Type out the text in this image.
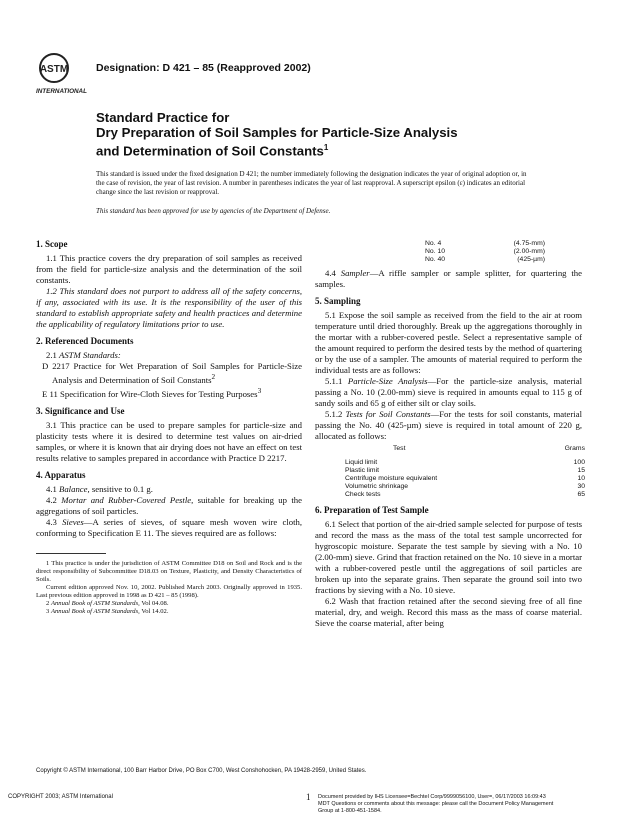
ASTM
INTERNATIONAL
Designation: D 421 – 85 (Reapproved 2002)
Standard Practice for
Dry Preparation of Soil Samples for Particle-Size Analysis
and Determination of Soil Constants$^1$
This standard is issued under the fixed designation D 421; the number immediately following the designation indicates the year of original adoption or, in the case of revision, the year of last revision. A number in parentheses indicates the year of last reapproval. A superscript epsilon (ε) indicates an editorial change since the last revision or reapproval.
This standard has been approved for use by agencies of the Department of Defense.
1. Scope

1.1 This practice covers the dry preparation of soil samples as received from the field for particle-size analysis and the determination of the soil constants.

1.2 This standard does not purport to address all of the safety concerns, if any, associated with its use. It is the responsibility of the user of this standard to establish appropriate safety and health practices and determine the applicability of regulatory limitations prior to use.

2. Referenced Documents

2.1 ASTM Standards:

D 2217 Practice for Wet Preparation of Soil Samples for Particle-Size Analysis and Determination of Soil Constants$^2$

E 11 Specification for Wire-Cloth Sieves for Testing Purposes$^3$

3. Significance and Use

3.1 This practice can be used to prepare samples for particle-size and plasticity tests where it is desired to determine test values on air-dried samples, or where it is known that air drying does not have an effect on test results relative to samples prepared in accordance with Practice D 2217.

4. Apparatus

4.1 Balance, sensitive to 0.1 g.

4.2 Mortar and Rubber-Covered Pestle, suitable for breaking up the aggregations of soil particles.

4.3 Sieves—A series of sieves, of square mesh woven wire cloth, conforming to Specification E 11. The sieves required are as follows:

1 This practice is under the jurisdiction of ASTM Committee D18 on Soil and Rock and is the direct responsibility of Subcommittee D18.03 on Texture, Plasticity, and Density Characteristics of Soils.

Current edition approved Nov. 10, 2002. Published March 2003. Originally approved in 1935. Last previous edition approved in 1998 as D 421 – 85 (1998).

2 Annual Book of ASTM Standards, Vol 04.08.

3 Annual Book of ASTM Standards, Vol 14.02.

No. 4	(4.75-mm)
No. 10	(2.00-mm)
No. 40	(425-µm)

4.4 Sampler—A riffle sampler or sample splitter, for quartering the samples.

5. Sampling

5.1 Expose the soil sample as received from the field to the air at room temperature until dried thoroughly. Break up the aggregations thoroughly in the mortar with a rubber-covered pestle. Select a representative sample of the amount required to perform the desired tests by the method of quartering or by the use of a sampler. The amounts of material required to perform the individual tests are as follows:

5.1.1 Particle-Size Analysis—For the particle-size analysis, material passing a No. 10 (2.00-mm) sieve is required in amounts equal to 115 g of sandy soils and 65 g of either silt or clay soils.

5.1.2 Tests for Soil Constants—For the tests for soil constants, material passing the No. 40 (425-µm) sieve is required in total amount of 220 g, allocated as follows:

Test	Grams
Liquid limit	100
Plastic limit	15
Centrifuge moisture equivalent	10
Volumetric shrinkage	30
Check tests	65
6. Preparation of Test Sample

6.1 Select that portion of the air-dried sample selected for purpose of tests and record the mass as the mass of the total test sample uncorrected for hygroscopic moisture. Separate the test sample by sieving with a No. 10 (2.00-mm) sieve. Grind that fraction retained on the No. 10 sieve in a mortar with a rubber-covered pestle until the aggregations of soil particles are broken up into the separate grains. Then separate the ground soil into two fractions by sieving with a No. 10 sieve.

6.2 Wash that fraction retained after the second sieving free of all fine material, dry, and weigh. Record this mass as the mass of coarse material. Sieve the coarse material, after being

Copyright © ASTM International, 100 Barr Harbor Drive, PO Box C700, West Conshohocken, PA 19428-2959, United States.
COPYRIGHT 2003; ASTM International	1 Document provided by IHS Licensee=Bechtel Corp/9999056100, User=, 06/17/2003 16:09:43 MDT Questions or comments about this message: please call the Document Policy Management Group at 1-800-451-1584.
